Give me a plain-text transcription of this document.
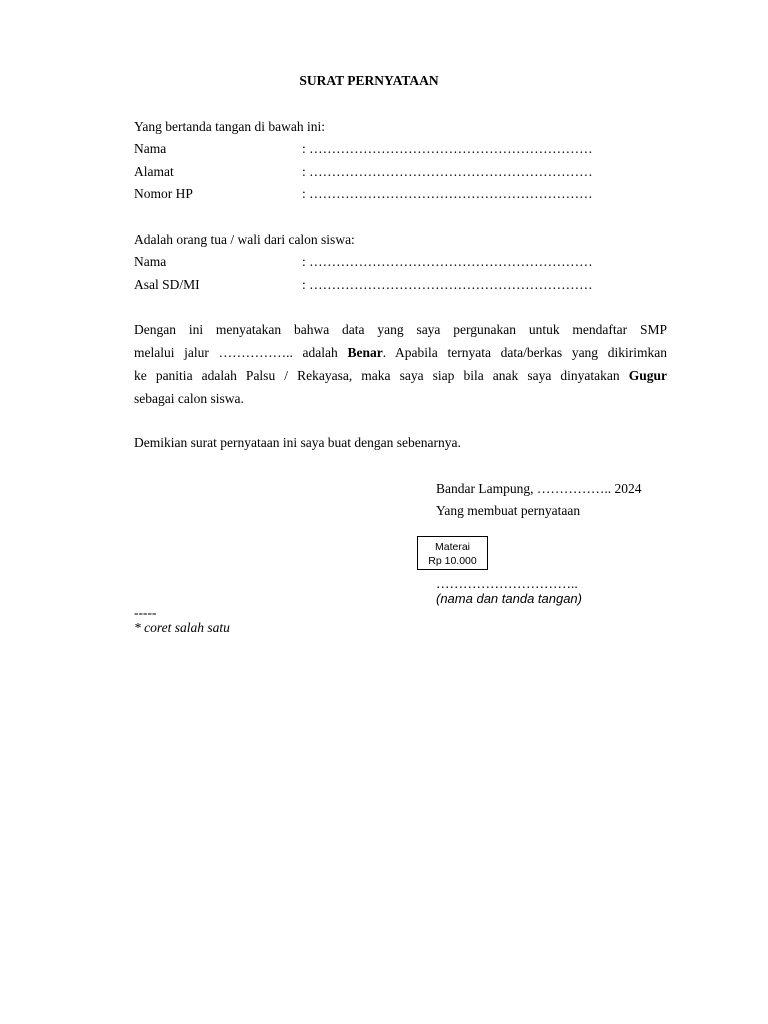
SURAT PERNYATAAN
Yang bertanda tangan di bawah ini:
Nama	: ………………………………………………………
Alamat	: ………………………………………………………
Nomor HP	: ………………………………………………………
Adalah orang tua / wali dari calon siswa:
Nama	: ………………………………………………………
Asal SD/MI	: ………………………………………………………
Dengan ini menyatakan bahwa data yang saya pergunakan untuk mendaftar SMP
melalui jalur …………….. adalah Benar. Apabila ternyata data/berkas yang dikirimkan
ke panitia adalah Palsu / Rekayasa, maka saya siap bila anak saya dinyatakan Gugur
sebagai calon siswa.
Demikian surat pernyataan ini saya buat dengan sebenarnya.
Bandar Lampung, …………….. 2024
Yang membuat pernyataan
Materai
Rp 10.000
…………………………..
(nama dan tanda tangan)
-----
* coret salah satu
